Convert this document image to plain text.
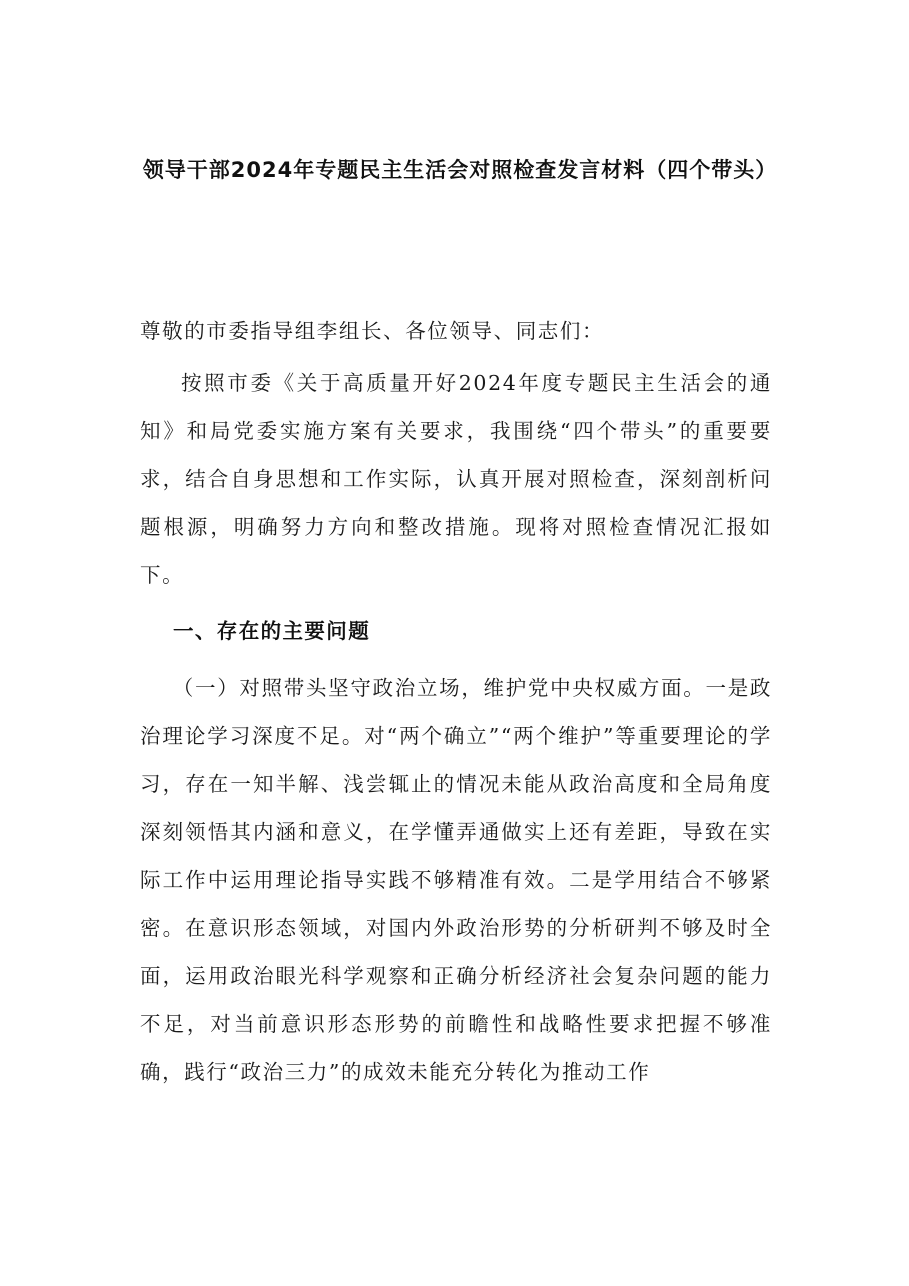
领导干部2024年专题民主生活会对照检查发言材料（四个带头）
尊敬的市委指导组李组长、各位领导、同志们：
按照市委《关于高质量开好2024年度专题民主生活会的通知》和局党委实施方案有关要求，我围绕“四个带头”的重要要求，结合自身思想和工作实际，认真开展对照检查，深刻剖析问题根源，明确努力方向和整改措施。现将对照检查情况汇报如下。
一、存在的主要问题
（一）对照带头坚守政治立场，维护党中央权威方面。一是政治理论学习深度不足。对“两个确立”“两个维护”等重要理论的学习，存在一知半解、浅尝辄止的情况未能从政治高度和全局角度深刻领悟其内涵和意义，在学懂弄通做实上还有差距，导致在实际工作中运用理论指导实践不够精准有效。二是学用结合不够紧密。在意识形态领域，对国内外政治形势的分析研判不够及时全面，运用政治眼光科学观察和正确分析经济社会复杂问题的能力不足，对当前意识形态形势的前瞻性和战略性要求把握不够准确，践行“政治三力”的成效未能充分转化为推动工作
